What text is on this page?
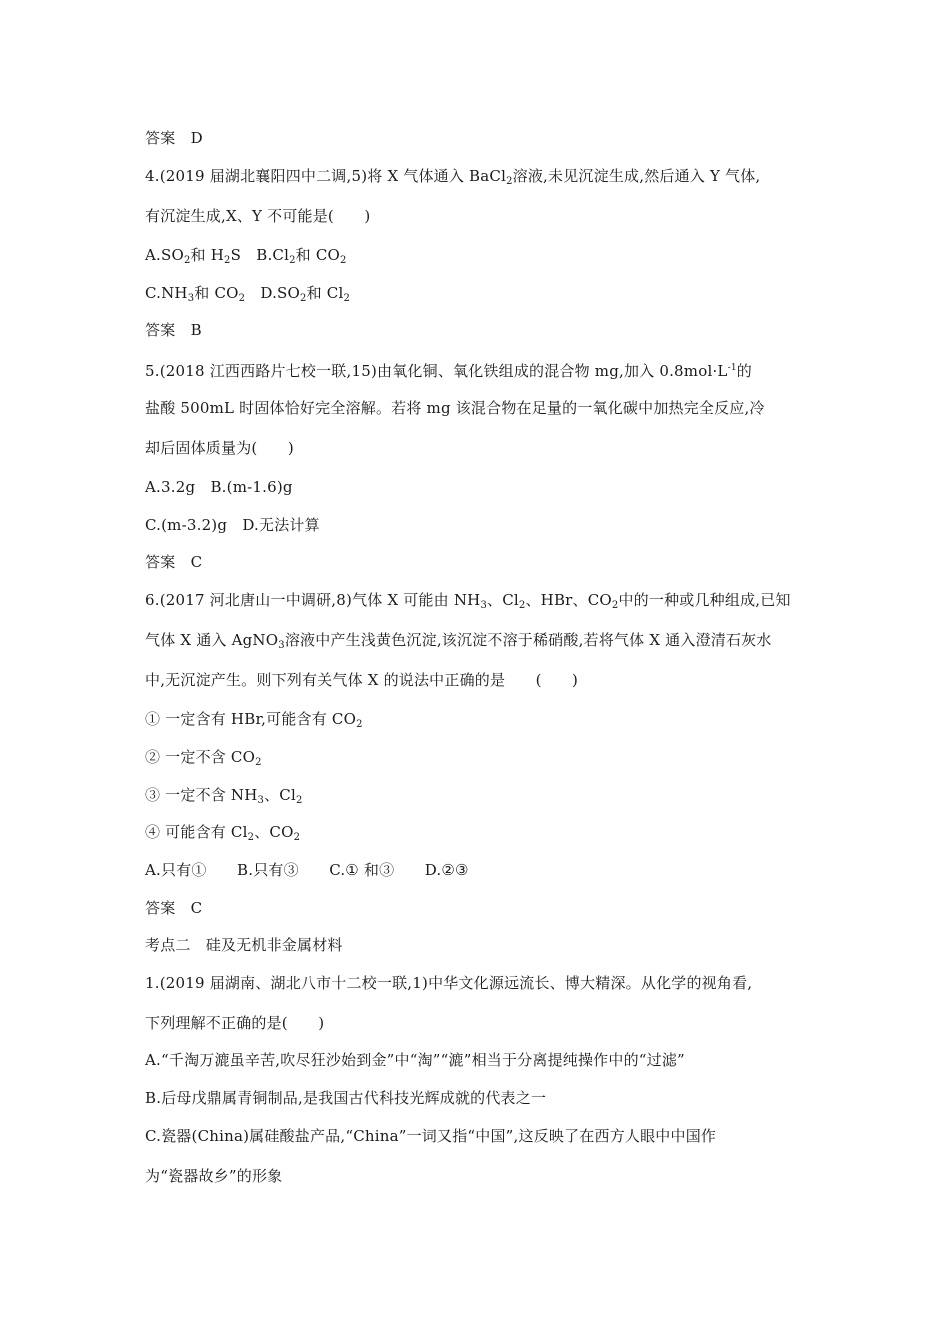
答案　D
4.(2019 届湖北襄阳四中二调,5)将 X 气体通入 BaCl$_2$溶液,未见沉淀生成,然后通入 Y 气体,
有沉淀生成,X、Y 不可能是(　　)
$A.SO_2$和 $H_2S$　$B.Cl_2$和 $CO_2$
$C.NH_3$和 $CO_2$　$D.SO_2$和 $Cl_2$
答案　B
5.(2018 江西西路片七校一联,15)由氧化铜、氧化铁组成的混合物 mg,加入 $0.8mol\cdot L^{-1}$的
盐酸 500mL 时固体恰好完全溶解。若将 mg 该混合物在足量的一氧化碳中加热完全反应,冷
却后固体质量为(　　)
A.3.2g　B.(m-1.6)g
C.(m-3.2)g　D.无法计算
答案　C
6.(2017 河北唐山一中调研,8)气体 X 可能由 $NH_3$、$Cl_2$、HBr、$CO_2$中的一种或几种组成,已知
气体 X 通入 AgNO$_3$溶液中产生浅黄色沉淀,该沉淀不溶于稀硝酸,若将气体 X 通入澄清石灰水
中,无沉淀产生。则下列有关气体 X 的说法中正确的是　　(　　)
① 一定含有 HBr,可能含有 $CO_2$
② 一定不含 $CO_2$
③ 一定不含 $NH_3$、$Cl_2$
④ 可能含有 $Cl_2$、$CO_2$
A.只有①　　B.只有③　　C.① 和③　　D.②③
答案　C
考点二　硅及无机非金属材料
1.(2019 届湖南、湖北八市十二校一联,1)中华文化源远流长、博大精深。从化学的视角看,
下列理解不正确的是(　　)
A.“千淘万漉虽辛苦,吹尽狂沙始到金”中“淘”“漉”相当于分离提纯操作中的“过滤”
B.后母戊鼎属青铜制品,是我国古代科技光辉成就的代表之一
C.瓷器(China)属硅酸盐产品,“China”一词又指“中国”,这反映了在西方人眼中中国作
为“瓷器故乡”的形象
